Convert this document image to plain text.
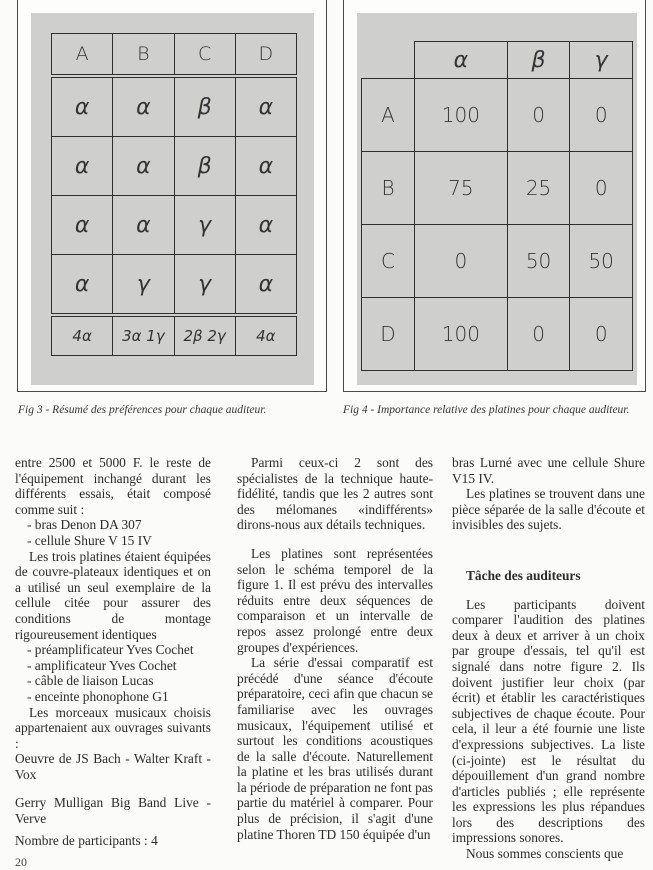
A	B	C	D
α	α	β	α
α	α	β	α
α	α	γ	α
α	γ	γ	α
4α	3α 1γ	2β 2γ	4α
	α	β	γ
A	100	0	0
B	75	25	0
C	0	50	50
D	100	0	0
Fig 3 - Résumé des préférences pour chaque auditeur.	Fig 4 - Importance relative des platines pour chaque auditeur.

entre 2500 et 5000 F. le reste de l'équipement inchangé durant les différents essais, était composé comme suit :

- bras Denon DA 307

- cellule Shure V 15 IV

Les trois platines étaient équipées de couvre-plateaux identiques et on a utilisé un seul exemplaire de la cellule citée pour assurer des conditions de montage rigoureusement identiques

- préamplificateur Yves Cochet

- amplificateur Yves Cochet

- câble de liaison Lucas

- enceinte phonophone G1

Les morceaux musicaux choisis appartenaient aux ouvrages suivants :

Oeuvre de JS Bach - Walter Kraft - Vox

Gerry Mulligan Big Band Live - Verve

Nombre de participants : 4

Parmi ceux-ci 2 sont des spécialistes de la technique haute-fidélité, tandis que les 2 autres sont des mélomanes «indifférents» dirons-nous aux détails techniques.

Les platines sont représentées selon le schéma temporel de la figure 1. Il est prévu des intervalles réduits entre deux séquences de comparaison et un intervalle de repos assez prolongé entre deux groupes d'expériences.

La série d'essai comparatif est précédé d'une séance d'écoute préparatoire, ceci afin que chacun se familiarise avec les ouvrages musicaux, l'équipement utilisé et surtout les conditions acoustiques de la salle d'écoute. Naturellement la platine et les bras utilisés durant la période de préparation ne font pas partie du matériel à comparer. Pour plus de précision, il s'agit d'une platine Thoren TD 150 équipée d'un

bras Lurné avec une cellule Shure V15 IV.

Les platines se trouvent dans une pièce séparée de la salle d'écoute et invisibles des sujets.

Tâche des auditeurs

Les participants doivent comparer l'audition des platines deux à deux et arriver à un choix par groupe d'essais, tel qu'il est signalé dans notre figure 2. Ils doivent justifier leur choix (par écrit) et établir les caractéristiques subjectives de chaque écoute. Pour cela, il leur a été fournie une liste d'expressions subjectives. La liste (ci-jointe) est le résultat du dépouillement d'un grand nombre d'articles publiés ; elle représente les expressions les plus répandues lors des descriptions des impressions sonores.

Nous sommes conscients que

20
